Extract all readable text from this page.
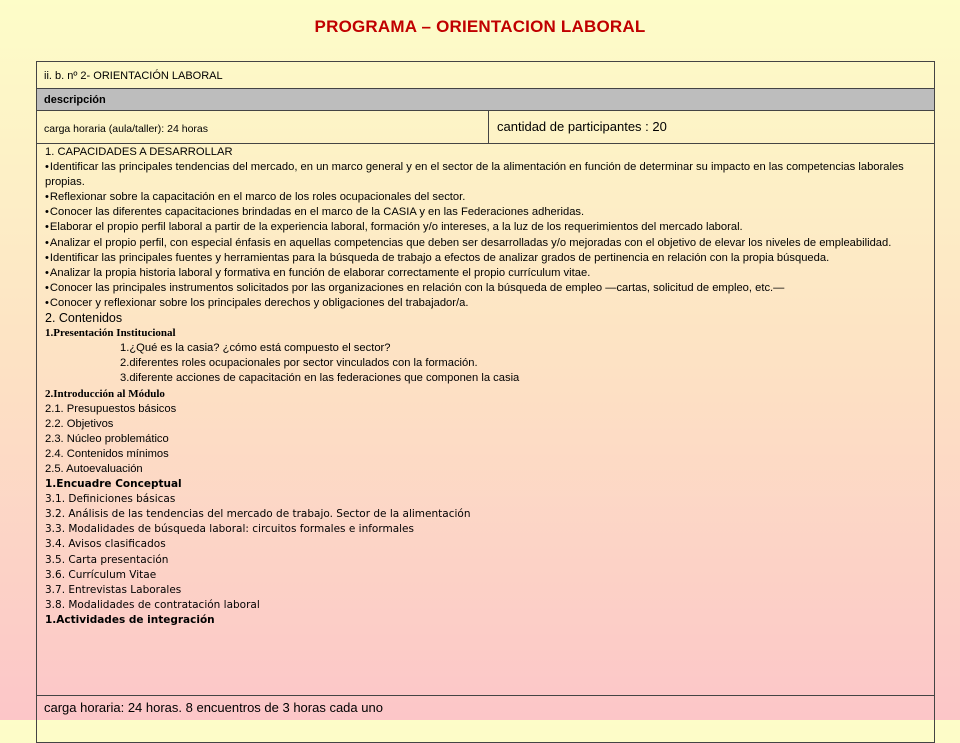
PROGRAMA – ORIENTACION LABORAL
ii. b. nº 2- ORIENTACIÓN LABORAL
descripción
carga horaria (aula/taller): 24 horas	cantidad de participantes : 20
1. CAPACIDADES A DESARROLLAR
• Identificar las principales tendencias del mercado, en un marco general y en el sector de la alimentación en función de determinar su impacto en las competencias laborales propias.
• Reflexionar sobre la capacitación en el marco de los roles ocupacionales del sector.
• Conocer las diferentes capacitaciones brindadas en el marco de la CASIA y en las Federaciones adheridas.
• Elaborar el propio perfil laboral a partir de la experiencia laboral, formación y/o intereses, a la luz de los requerimientos del mercado laboral.
• Analizar el propio perfil, con especial énfasis en aquellas competencias que deben ser desarrolladas y/o mejoradas con el objetivo de elevar los niveles de empleabilidad.
• Identificar las principales fuentes y herramientas para la búsqueda de trabajo a efectos de analizar grados de pertinencia en relación con la propia búsqueda.
• Analizar la propia historia laboral y formativa en función de elaborar correctamente el propio currículum vitae.
• Conocer las principales instrumentos solicitados por las organizaciones en relación con la búsqueda de empleo —cartas, solicitud de empleo, etc.—
• Conocer y reflexionar sobre los principales derechos y obligaciones del trabajador/a.
2. Contenidos
1.Presentación Institucional
1.¿Qué es la casia? ¿cómo está compuesto el sector?
2.diferentes roles ocupacionales por sector vinculados con la formación.
3.diferente acciones de capacitación en las federaciones que componen la casia
2.Introducción al Módulo
2.1. Presupuestos básicos
2.2. Objetivos
2.3. Núcleo problemático
2.4. Contenidos mínimos
2.5. Autoevaluación
1.Encuadre Conceptual
3.1. Definiciones básicas
3.2. Análisis de las tendencias del mercado de trabajo. Sector de la alimentación
3.3. Modalidades de búsqueda laboral: circuitos formales e informales
3.4. Avisos clasificados
3.5. Carta presentación
3.6. Currículum Vitae
3.7. Entrevistas Laborales
3.8. Modalidades de contratación laboral
1.Actividades de integración
carga horaria: 24 horas. 8 encuentros de 3 horas cada uno
